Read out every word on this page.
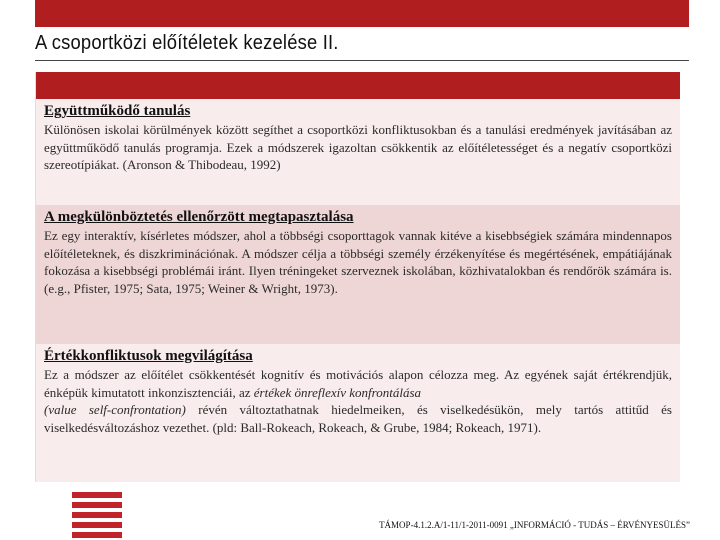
A csoportközi előítéletek kezelése II.
Együttműködő tanulás
Különösen iskolai körülmények között segíthet a csoportközi konfliktusokban és a tanulási eredmények javításában az együttműködő tanulás programja. Ezek a módszerek igazoltan csökkentik az előítéletességet és a negatív csoportközi szereotípiákat. (Aronson & Thibodeau, 1992)
A megkülönböztetés ellenőrzött megtapasztalása
Ez egy interaktív, kísérletes módszer, ahol a többségi csoporttagok vannak kitéve a kisebbségiek számára mindennapos előítéleteknek, és diszkriminációnak. A módszer célja a többségi személy érzékenyítése és megértésének, empátiájának fokozása a kisebbségi problémái iránt. Ilyen tréningeket szerveznek iskolában, közhivatalokban és rendőrök számára is. (e.g., Pfister, 1975; Sata, 1975; Weiner & Wright, 1973).
Értékkonfliktusok megvilágítása
Ez a módszer az előítélet csökkentését kognitív és motivációs alapon célozza meg. Az egyének saját értékrendjük, énképük kimutatott inkonzisztenciái, az értékek önreflexív konfrontálása
(value self-confrontation) révén változtathatnak hiedelmeiken, és viselkedésükön, mely tartós attitűd és viselkedésváltozáshoz vezethet. (pld: Ball-Rokeach, Rokeach, & Grube, 1984; Rokeach, 1971).
TÁMOP-4.1.2.A/1-11/1-2011-0091 „INFORMÁCIÓ - TUDÁS – ÉRVÉNYESÜLÉS”
